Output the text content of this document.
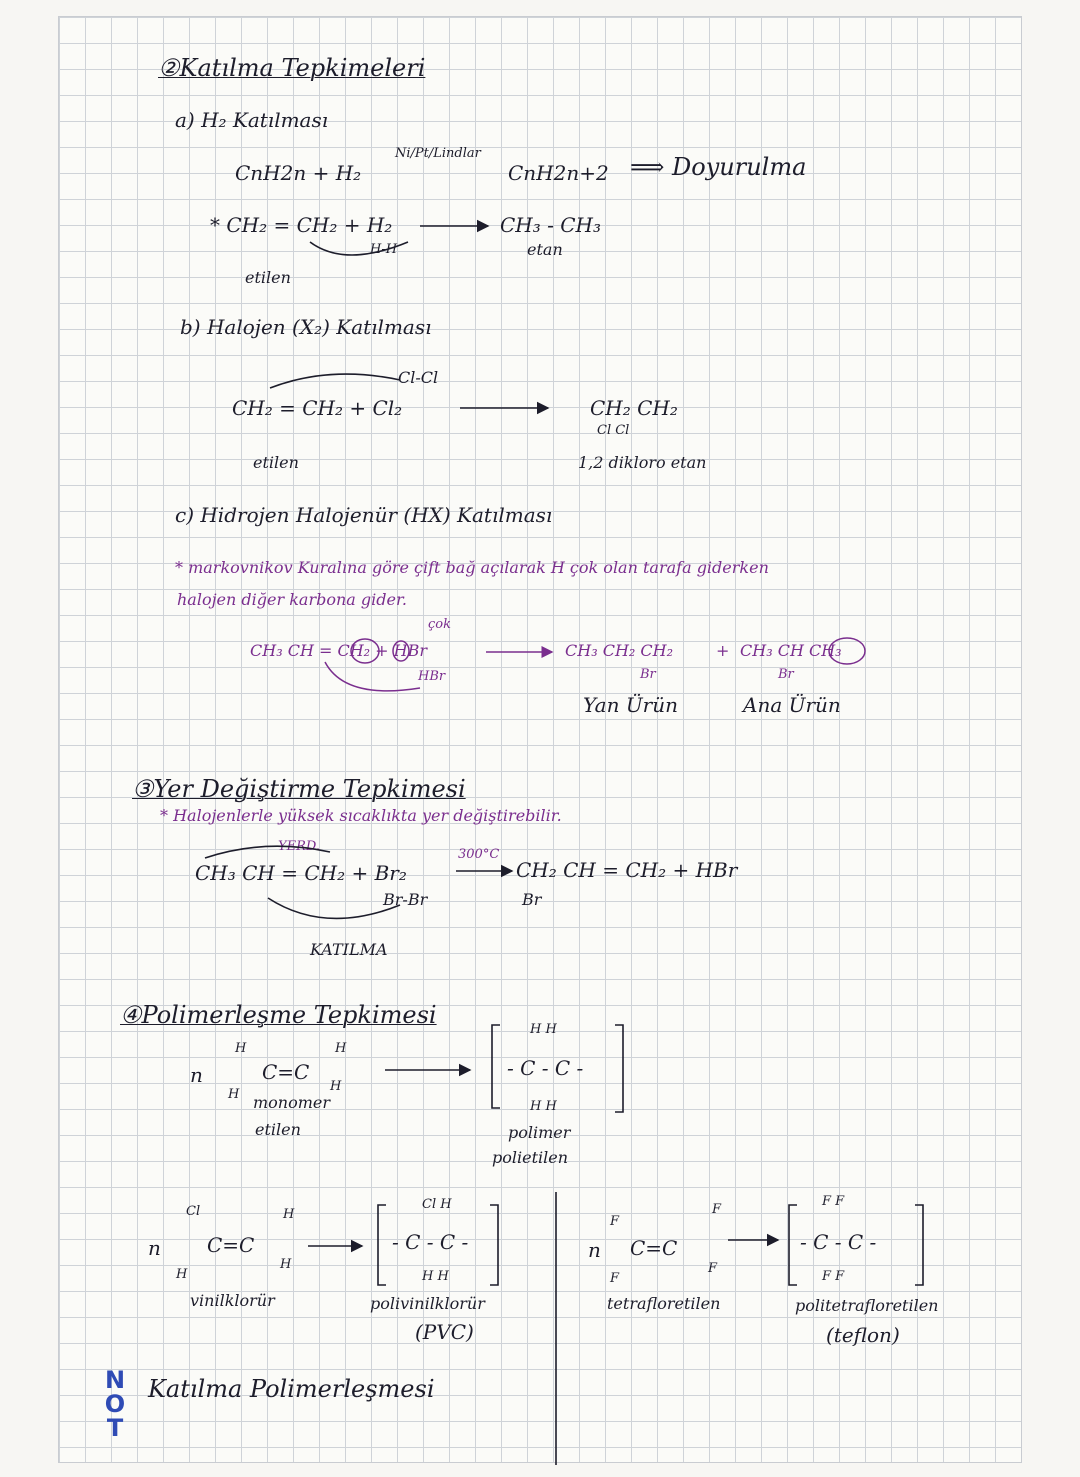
②Katılma Tepkimeleri
a) H₂ Katılması
CnH2n + H₂
Ni/Pt/Lindlar
CnH2n+2 ⟹ Doyurulma
* CH₂ = CH₂ + H₂
H-H
CH₃ - CH₃
etan
etilen
b) Halojen (X₂) Katılması
Cl-Cl
CH₂ = CH₂ + Cl₂	CH₂ CH₂
Cl Cl
etilen	1,2 dikloro etan
c) Hidrojen Halojenür (HX) Katılması
* markovnikov Kuralına göre çift bağ açılarak H çok olan tarafa giderken
halojen diğer karbona gider.
çok
CH₃ CH = CH₂ + HBr
HBr
CH₃ CH₂ CH₂
Br
+ CH₃ CH CH₃
Br
Yan Ürün	Ana Ürün
③Yer Değiştirme Tepkimesi
* Halojenlerle yüksek sıcaklıkta yer değiştirebilir.
YERD.
300°C
CH₃ CH = CH₂ + Br₂
Br-Br
CH₂ CH = CH₂ + HBr
Br
KATILMA
④Polimerleşme Tepkimesi
n
H	H
H
H
C=C
monomer
etilen
H H
- C - C -
H H
polimer
polietilen
n
Cl	H
H
H
C=C
vinilklorür
Cl H
- C - C -
H H
polivinilklorür
(PVC)
n
F
F
F
F
C=C
tetrafloretilen
F F
- C - C -
F F
politetrafloretilen
(teflon)
N
O
T
Katılma Polimerleşmesi
